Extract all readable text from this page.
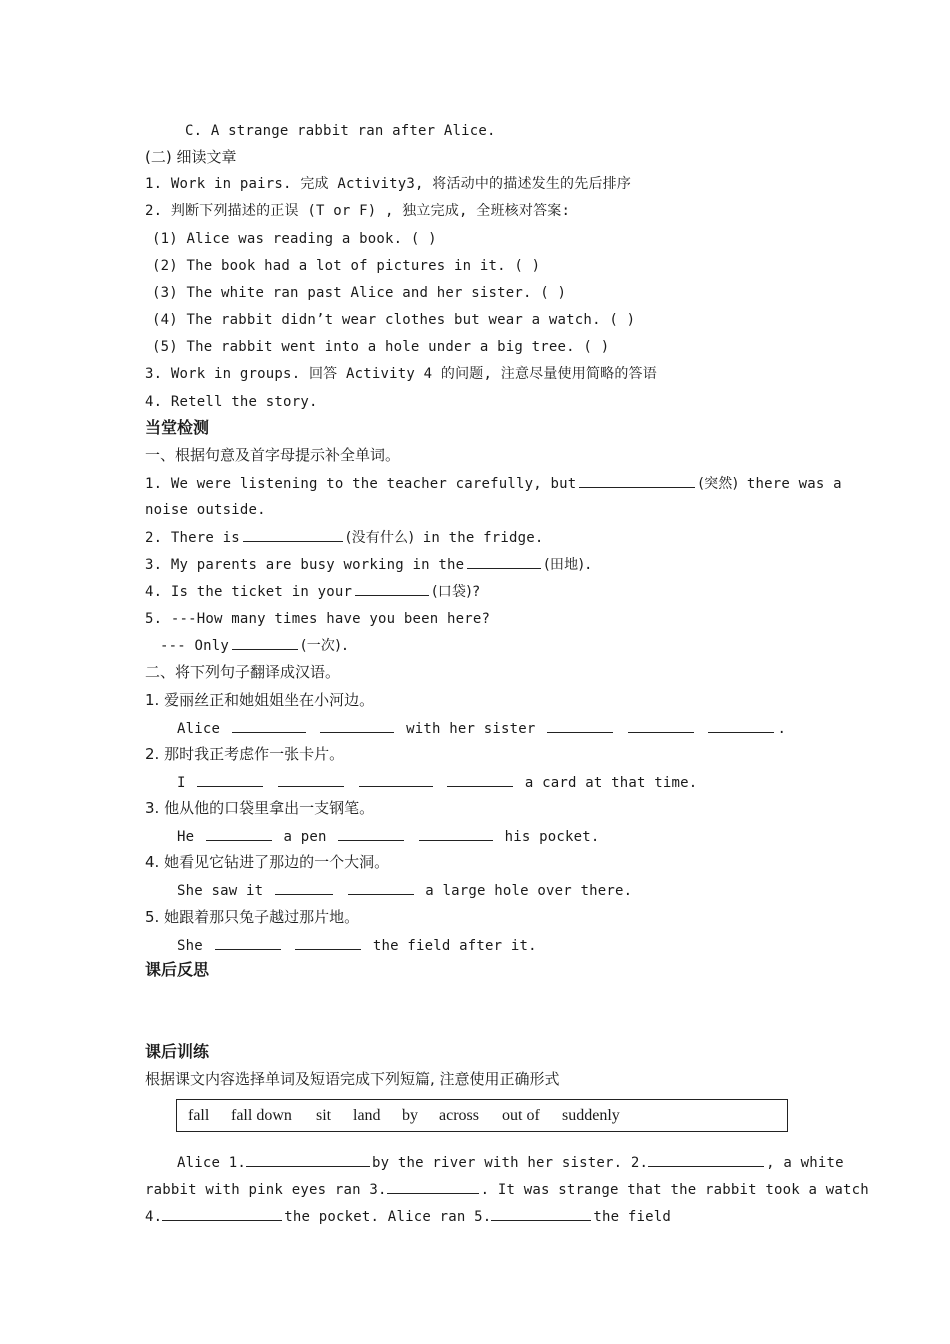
C. A strange rabbit ran after Alice.
(二) 细读文章
1. Work in pairs. 完成 Activity3, 将活动中的描述发生的先后排序
2. 判断下列描述的正误 (T or F) , 独立完成, 全班核对答案:
(1) Alice was reading a book. ( )
(2) The book had a lot of pictures in it. ( )
(3) The white ran past Alice and her sister. ( )
(4) The rabbit didn’t wear clothes but wear a watch. ( )
(5) The rabbit went into a hole under a big tree. ( )
3. Work in groups. 回答 Activity 4 的问题, 注意尽量使用简略的答语
4. Retell the story.
当堂检测
一、根据句意及首字母提示补全单词。
1. We were listening to the teacher carefully, but	(突然) there was a
noise outside.
2. There is	(没有什么) in the fridge.
3. My parents are busy working in the	(田地).
4. Is the ticket in your	(口袋)?
5. ---How many times have you been here?
--- Only	(一次).
二、将下列句子翻译成汉语。
1. 爱丽丝正和她姐姐坐在小河边。
Alice	with her sister	.
2. 那时我正考虑作一张卡片。
I	a card at that time.
3. 他从他的口袋里拿出一支钢笔。
He	a pen	his pocket.
4. 她看见它钻进了那边的一个大洞。
She saw it	a large hole over there.
5. 她跟着那只兔子越过那片地。
She	the field after it.
课后反思
课后训练
根据课文内容选择单词及短语完成下列短篇, 注意使用正确形式
fall fall down sit land by across out of suddenly
Alice 1.	by the river with her sister. 2.	, a white
rabbit with pink eyes ran 3.	. It was strange that the rabbit took a watch
4.	the pocket. Alice ran 5.	the field
